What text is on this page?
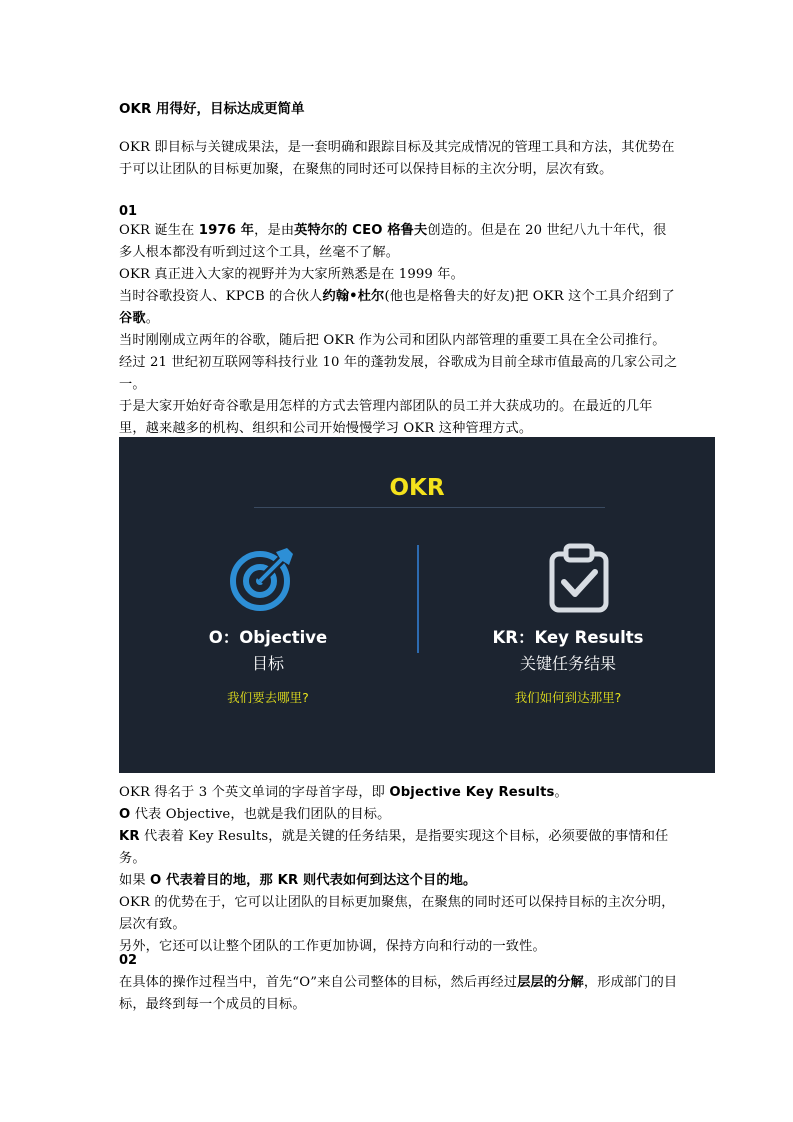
OKR 用得好，目标达成更简单

OKR 即目标与关键成果法，是一套明确和跟踪目标及其完成情况的管理工具和方法，其优势在于可以让团队的目标更加聚，在聚焦的同时还可以保持目标的主次分明，层次有致。

01

OKR 诞生在 1976 年，是由英特尔的 CEO 格鲁夫创造的。但是在 20 世纪八九十年代，很多人根本都没有听到过这个工具，丝毫不了解。

OKR 真正进入大家的视野并为大家所熟悉是在 1999 年。

当时谷歌投资人、KPCB 的合伙人约翰•杜尔(他也是格鲁夫的好友)把 OKR 这个工具介绍到了谷歌。

当时刚刚成立两年的谷歌，随后把 OKR 作为公司和团队内部管理的重要工具在全公司推行。

经过 21 世纪初互联网等科技行业 10 年的蓬勃发展，谷歌成为目前全球市值最高的几家公司之一。

于是大家开始好奇谷歌是用怎样的方式去管理内部团队的员工并大获成功的。在最近的几年里，越来越多的机构、组织和公司开始慢慢学习 OKR 这种管理方式。

OKR
O：Objective
目标
我们要去哪里?
KR：Key Results
关键任务结果
我们如何到达那里?

OKR 得名于 3 个英文单词的字母首字母，即 Objective Key Results。

O 代表 Objective，也就是我们团队的目标。

KR 代表着 Key Results，就是关键的任务结果，是指要实现这个目标，必须要做的事情和任务。

如果 O 代表着目的地，那 KR 则代表如何到达这个目的地。

OKR 的优势在于，它可以让团队的目标更加聚焦，在聚焦的同时还可以保持目标的主次分明，层次有致。

另外，它还可以让整个团队的工作更加协调，保持方向和行动的一致性。

02

在具体的操作过程当中，首先“O”来自公司整体的目标，然后再经过层层的分解，形成部门的目标，最终到每一个成员的目标。
